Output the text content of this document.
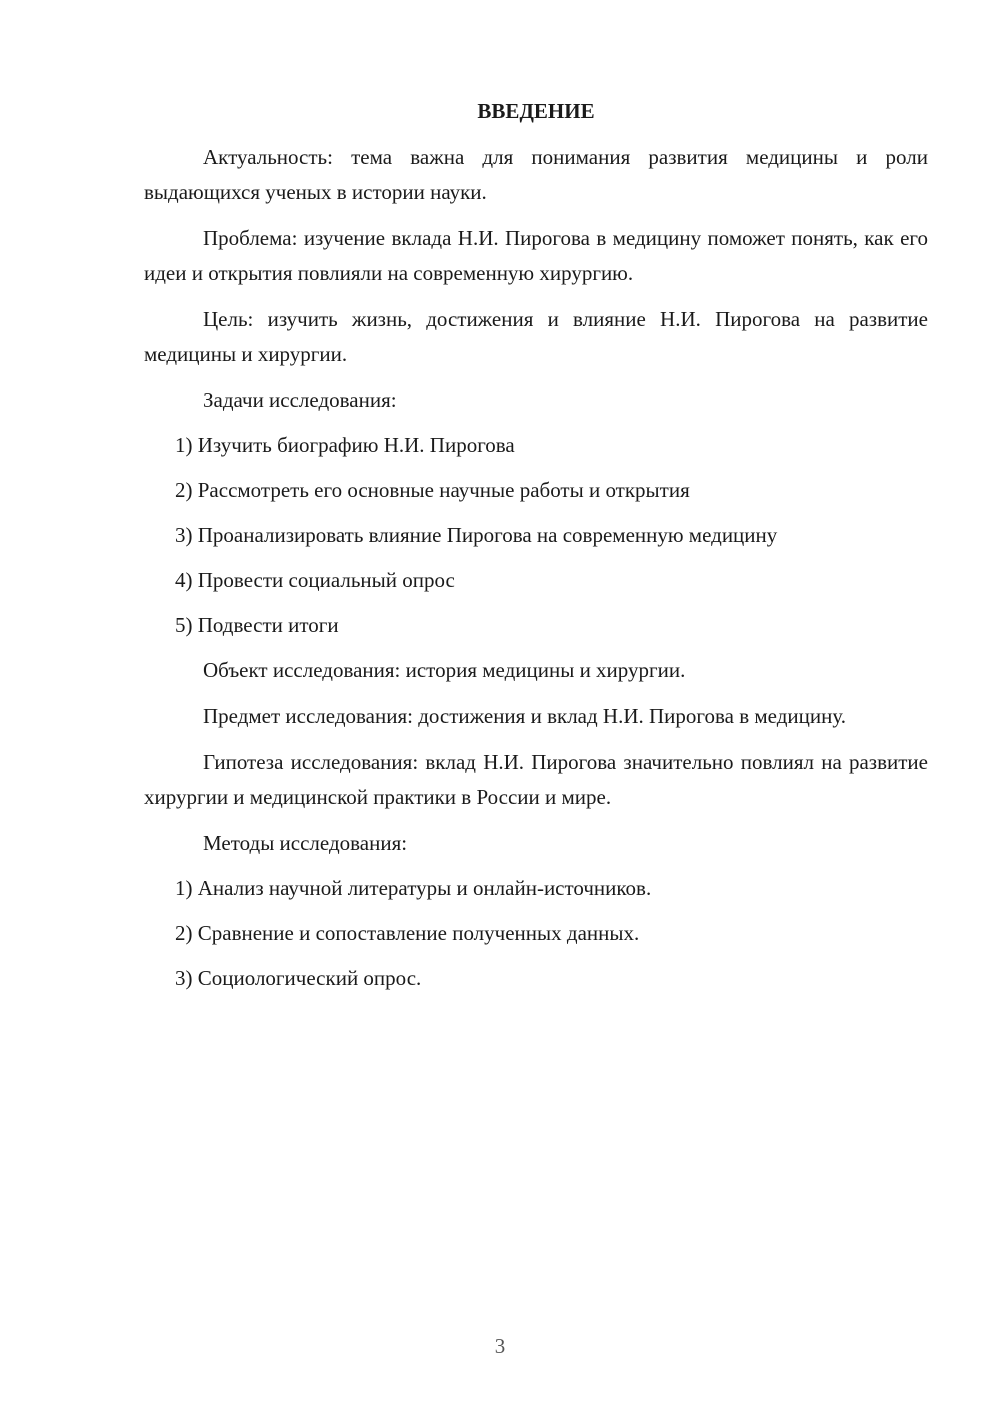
ВВЕДЕНИЕ
Актуальность: тема важна для понимания развития медицины и роли выдающихся ученых в истории науки.
Проблема: изучение вклада Н.И. Пирогова в медицину поможет понять, как его идеи и открытия повлияли на современную хирургию.
Цель: изучить жизнь, достижения и влияние Н.И. Пирогова на развитие медицины и хирургии.
Задачи исследования:
1) Изучить биографию Н.И. Пирогова
2) Рассмотреть его основные научные работы и открытия
3) Проанализировать влияние Пирогова на современную медицину
4) Провести социальный опрос
5) Подвести итоги
Объект исследования: история медицины и хирургии.
Предмет исследования: достижения и вклад Н.И. Пирогова в медицину.
Гипотеза исследования: вклад Н.И. Пирогова значительно повлиял на развитие хирургии и медицинской практики в России и мире.
Методы исследования:
1) Анализ научной литературы и онлайн-источников.
2) Сравнение и сопоставление полученных данных.
3) Социологический опрос.
3
